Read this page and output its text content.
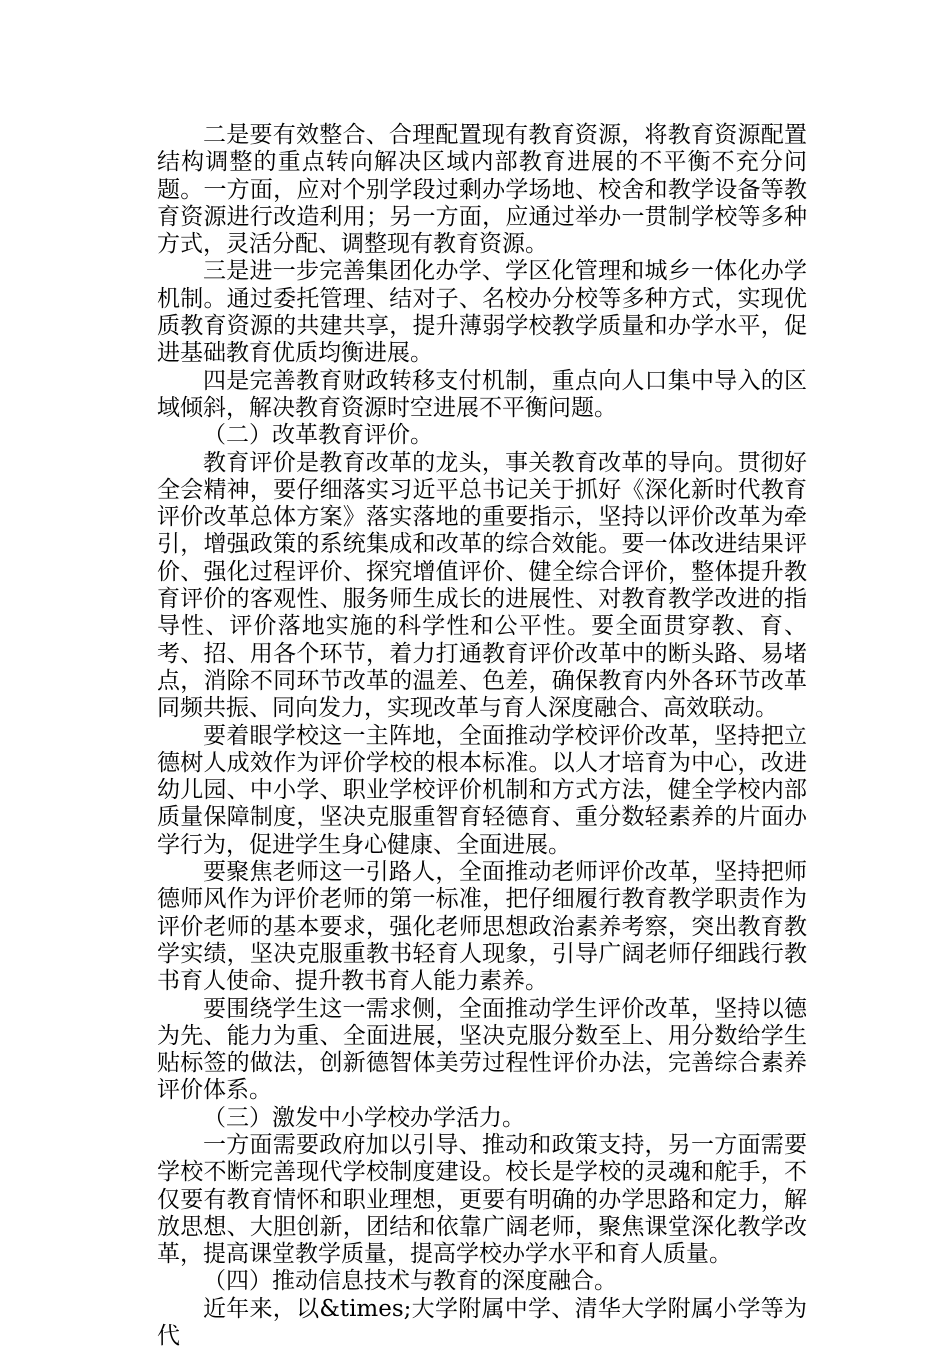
二是要有效整合、合理配置现有教育资源，将教育资源配置结构调整的重点转向解决区域内部教育进展的不平衡不充分问题。一方面，应对个别学段过剩办学场地、校舍和教学设备等教育资源进行改造利用；另一方面，应通过举办一贯制学校等多种方式，灵活分配、调整现有教育资源。

三是进一步完善集团化办学、学区化管理和城乡一体化办学机制。通过委托管理、结对子、名校办分校等多种方式，实现优质教育资源的共建共享，提升薄弱学校教学质量和办学水平，促进基础教育优质均衡进展。

四是完善教育财政转移支付机制，重点向人口集中导入的区域倾斜，解决教育资源时空进展不平衡问题。

（二）改革教育评价。

教育评价是教育改革的龙头，事关教育改革的导向。贯彻好全会精神，要仔细落实习近平总书记关于抓好《深化新时代教育评价改革总体方案》落实落地的重要指示，坚持以评价改革为牵引，增强政策的系统集成和改革的综合效能。要一体改进结果评价、强化过程评价、探究增值评价、健全综合评价，整体提升教育评价的客观性、服务师生成长的进展性、对教育教学改进的指导性、评价落地实施的科学性和公平性。要全面贯穿教、育、考、招、用各个环节，着力打通教育评价改革中的断头路、易堵点，消除不同环节改革的温差、色差，确保教育内外各环节改革同频共振、同向发力，实现改革与育人深度融合、高效联动。

要着眼学校这一主阵地，全面推动学校评价改革，坚持把立德树人成效作为评价学校的根本标准。以人才培育为中心，改进幼儿园、中小学、职业学校评价机制和方式方法，健全学校内部质量保障制度，坚决克服重智育轻德育、重分数轻素养的片面办学行为，促进学生身心健康、全面进展。

要聚焦老师这一引路人，全面推动老师评价改革，坚持把师德师风作为评价老师的第一标准，把仔细履行教育教学职责作为评价老师的基本要求，强化老师思想政治素养考察，突出教育教学实绩，坚决克服重教书轻育人现象，引导广阔老师仔细践行教书育人使命、提升教书育人能力素养。

要围绕学生这一需求侧，全面推动学生评价改革，坚持以德为先、能力为重、全面进展，坚决克服分数至上、用分数给学生贴标签的做法，创新德智体美劳过程性评价办法，完善综合素养评价体系。

（三）激发中小学校办学活力。

一方面需要政府加以引导、推动和政策支持，另一方面需要学校不断完善现代学校制度建设。校长是学校的灵魂和舵手，不仅要有教育情怀和职业理想，更要有明确的办学思路和定力，解放思想、大胆创新，团结和依靠广阔老师，聚焦课堂深化教学改革，提高课堂教学质量，提高学校办学水平和育人质量。

（四）推动信息技术与教育的深度融合。

近年来，以&times;大学附属中学、清华大学附属小学等为代
